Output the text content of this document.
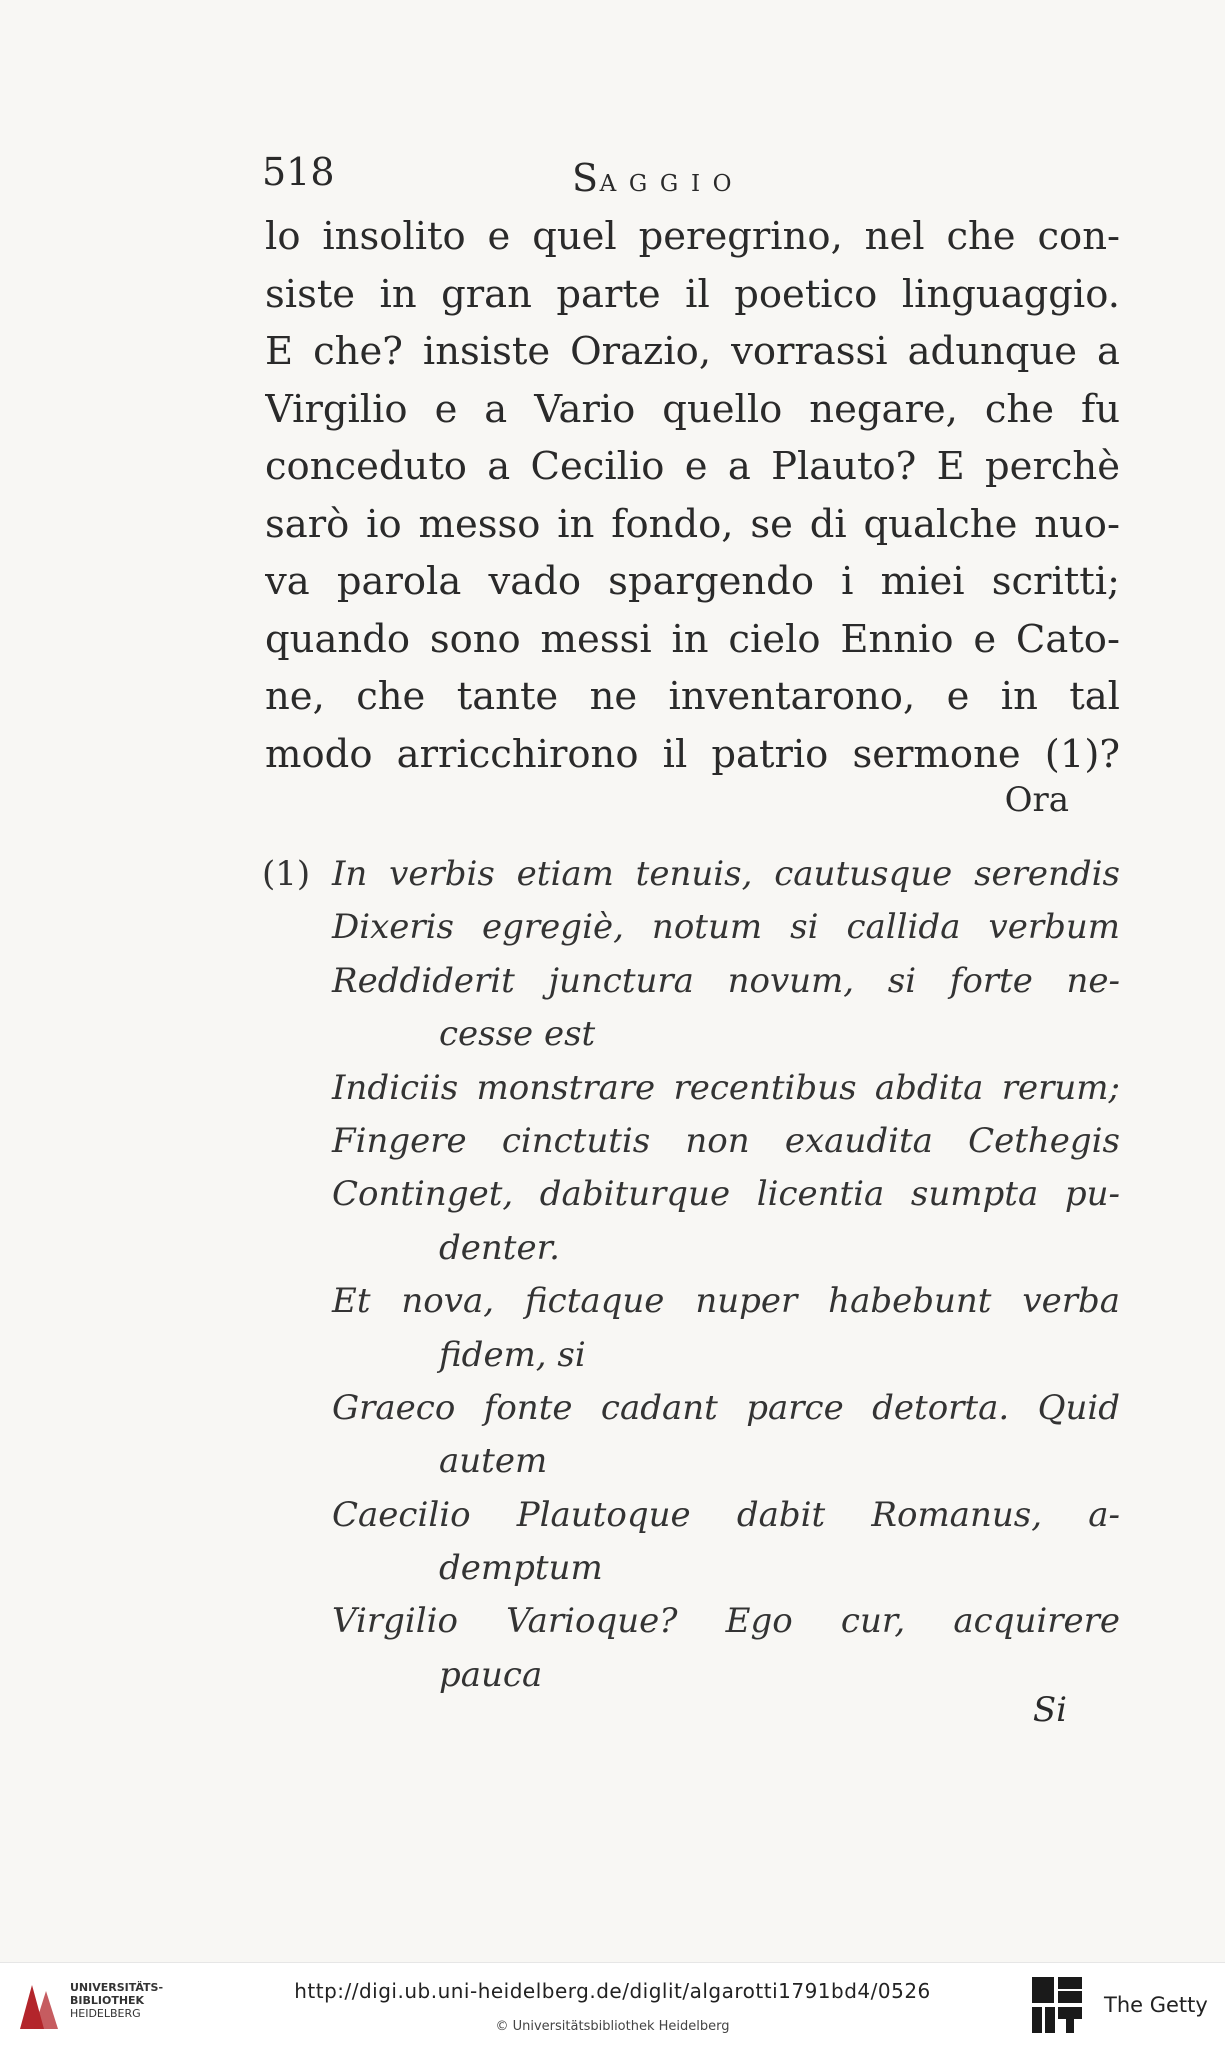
518	SAGGIO
lo insolito e quel peregrino, nel che con-
siste in gran parte il poetico linguaggio.
E che? insiste Orazio, vorrassi adunque a
Virgilio e a Vario quello negare, che fu
conceduto a Cecilio e a Plauto? E perchè
sarò io messo in fondo, se di qualche nuo-
va parola vado spargendo i miei scritti;
quando sono messi in cielo Ennio e Cato-
ne, che tante ne inventarono, e in tal
modo arricchirono il patrio sermone (1)?
Ora
(1) In verbis etiam tenuis, cautusque serendis
Dixeris egregiè, notum si callida verbum
Reddiderit junctura novum, si forte ne-
cesse est
Indiciis monstrare recentibus abdita rerum;
Fingere cinctutis non exaudita Cethegis
Continget, dabiturque licentia sumpta pu-
denter.
Et nova, fictaque nuper habebunt verba
fidem, si
Graeco fonte cadant parce detorta. Quid
autem
Caecilio Plautoque dabit Romanus, a-
demptum
Virgilio Varioque? Ego cur, acquirere
pauca
Si
UNIVERSITÄTS-
BIBLIOTHEK
HEIDELBERG
http://digi.ub.uni-heidelberg.de/diglit/algarotti1791bd4/0526
© Universitätsbibliothek Heidelberg
The Getty
